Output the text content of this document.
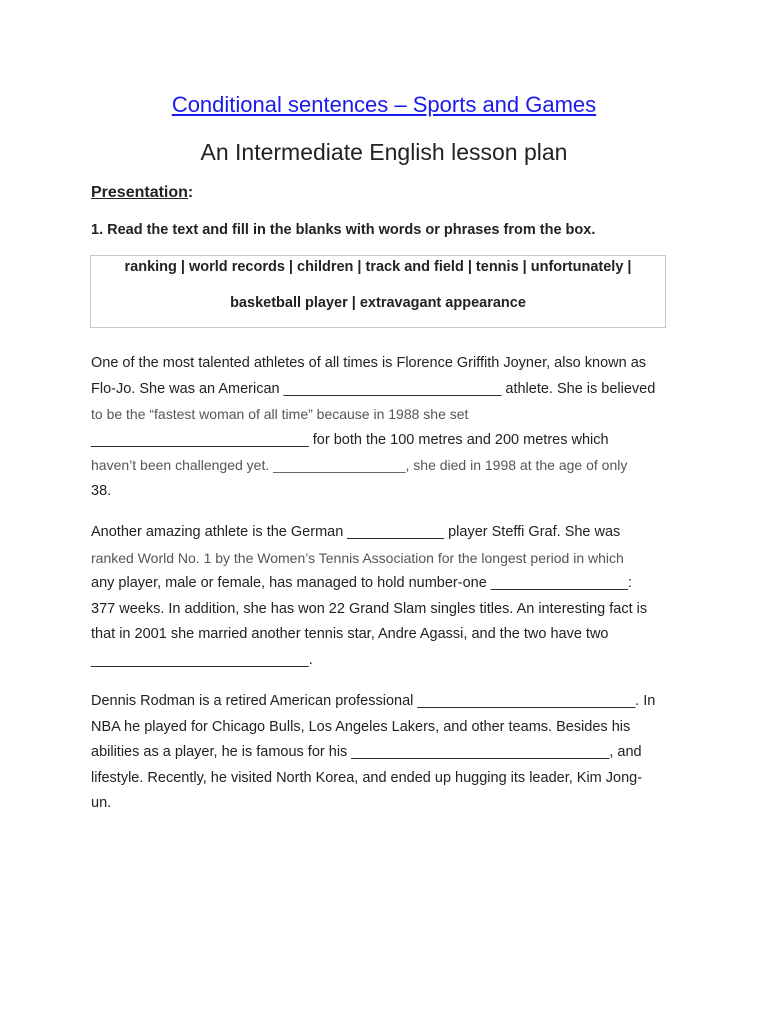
Conditional sentences – Sports and Games
An Intermediate English lesson plan
Presentation:
1. Read the text and fill in the blanks with words or phrases from the box.
ranking | world records | children | track and field | tennis | unfortunately |
basketball player | extravagant appearance
One of the most talented athletes of all times is Florence Griffith Joyner, also known as
Flo-Jo. She was an American ___________________________ athlete. She is believed
to be the “fastest woman of all time” because in 1988 she set
___________________________ for both the 100 metres and 200 metres which
haven’t been challenged yet. _________________, she died in 1998 at the age of only
38.
Another amazing athlete is the German ____________ player Steffi Graf. She was
ranked World No. 1 by the Women’s Tennis Association for the longest period in which
any player, male or female, has managed to hold number-one _________________:
377 weeks. In addition, she has won 22 Grand Slam singles titles. An interesting fact is
that in 2001 she married another tennis star, Andre Agassi, and the two have two
___________________________.
Dennis Rodman is a retired American professional ___________________________. In
NBA he played for Chicago Bulls, Los Angeles Lakers, and other teams. Besides his
abilities as a player, he is famous for his ________________________________, and
lifestyle. Recently, he visited North Korea, and ended up hugging its leader, Kim Jong-
un.
